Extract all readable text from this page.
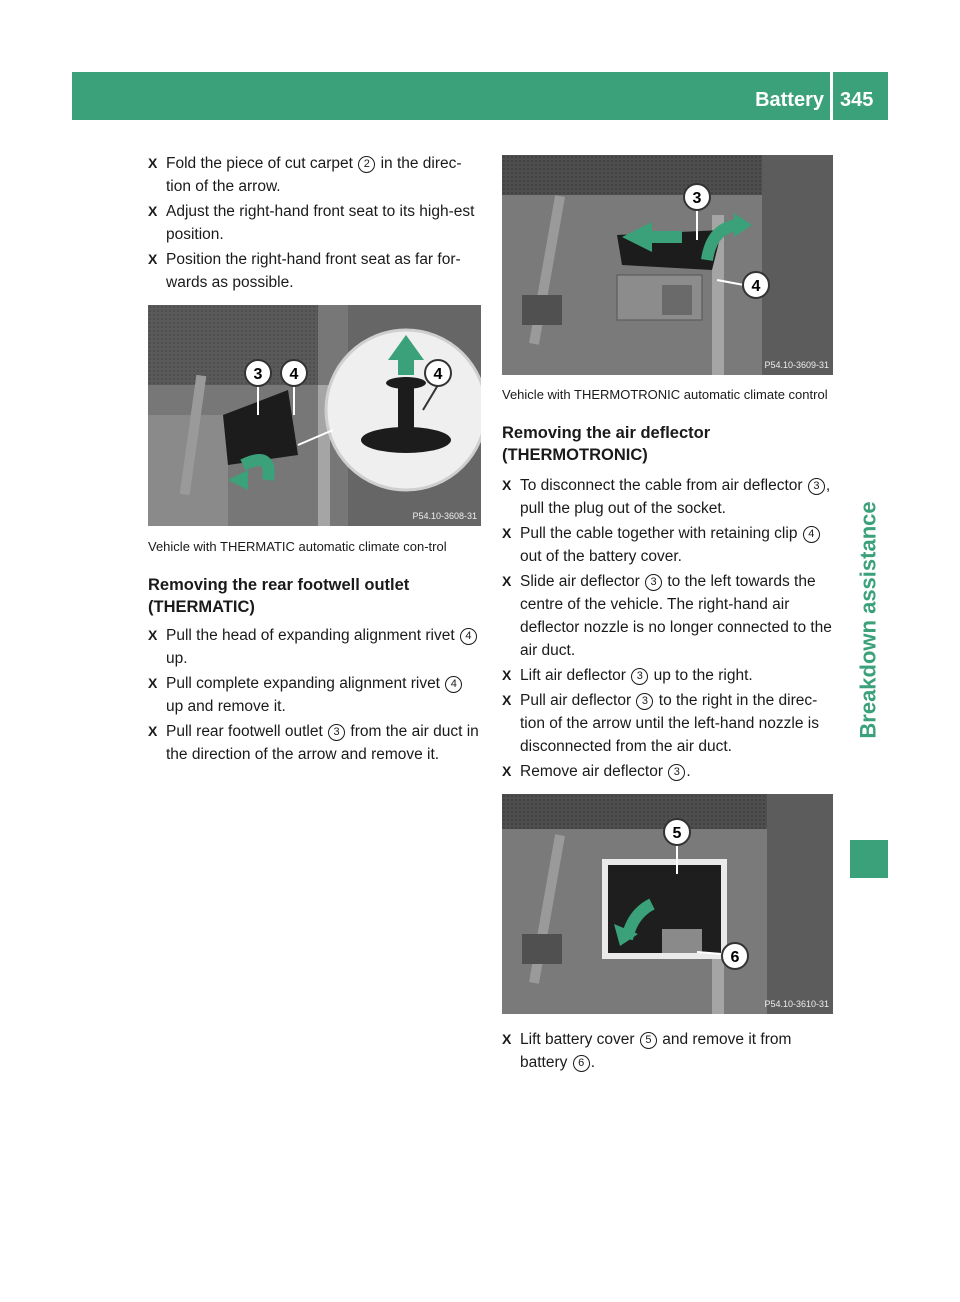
Battery 345
Breakdown assistance
X Fold the piece of cut carpet 2 in the direc-tion of the arrow.
X Adjust the right-hand front seat to its high-est position.
X Position the right-hand front seat as far for-wards as possible.
3 4	4
P54.10-3608-31
Vehicle with THERMATIC automatic climate con-trol
Removing the rear footwell outlet (THERMATIC)
X Pull the head of expanding alignment rivet 4 up.
X Pull complete expanding alignment rivet 4 up and remove it.
X Pull rear footwell outlet 3 from the air duct in the direction of the arrow and remove it.
3
4
P54.10-3609-31
Vehicle with THERMOTRONIC automatic climate control
Removing the air deflector (THERMOTRONIC)
X To disconnect the cable from air deflector 3 , pull the plug out of the socket.
X Pull the cable together with retaining clip 4 out of the battery cover.
X Slide air deflector 3 to the left towards the centre of the vehicle. The right-hand air deflector nozzle is no longer connected to the air duct.
X Lift air deflector 3 up to the right.
X Pull air deflector 3 to the right in the direc-tion of the arrow until the left-hand nozzle is disconnected from the air duct.
X Remove air deflector 3 .
5
6
P54.10-3610-31
X Lift battery cover 5 and remove it from battery 6 .
